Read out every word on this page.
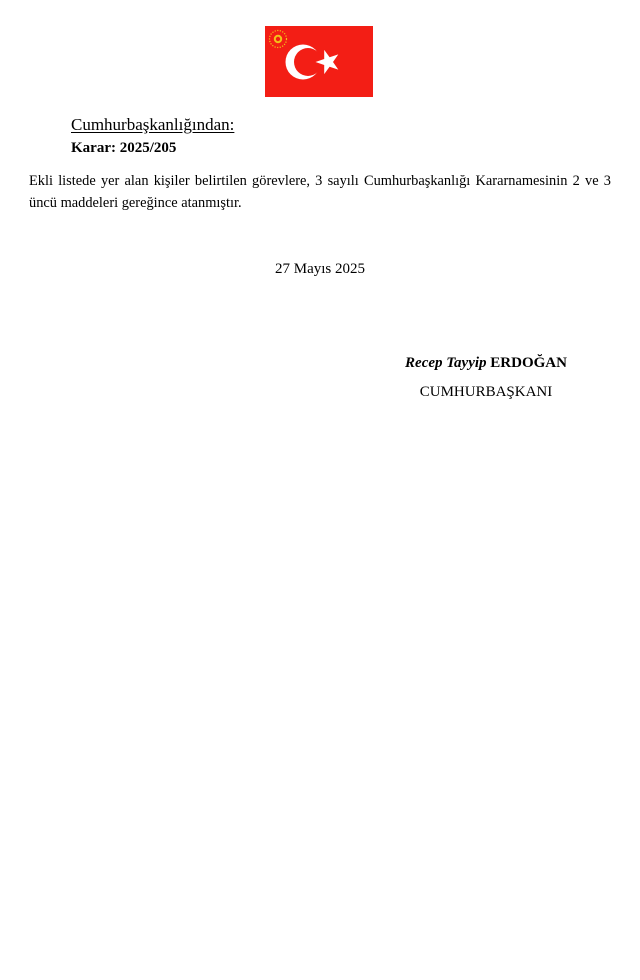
Cumhurbaşkanlığından:
Karar: 2025/205

Ekli listede yer alan kişiler belirtilen görevlere, 3 sayılı Cumhurbaşkanlığı Kararnamesinin 2 ve 3 üncü maddeleri gereğince atanmıştır.

27 Mayıs 2025
Recep Tayyip ERDOĞAN
CUMHURBAŞKANI
